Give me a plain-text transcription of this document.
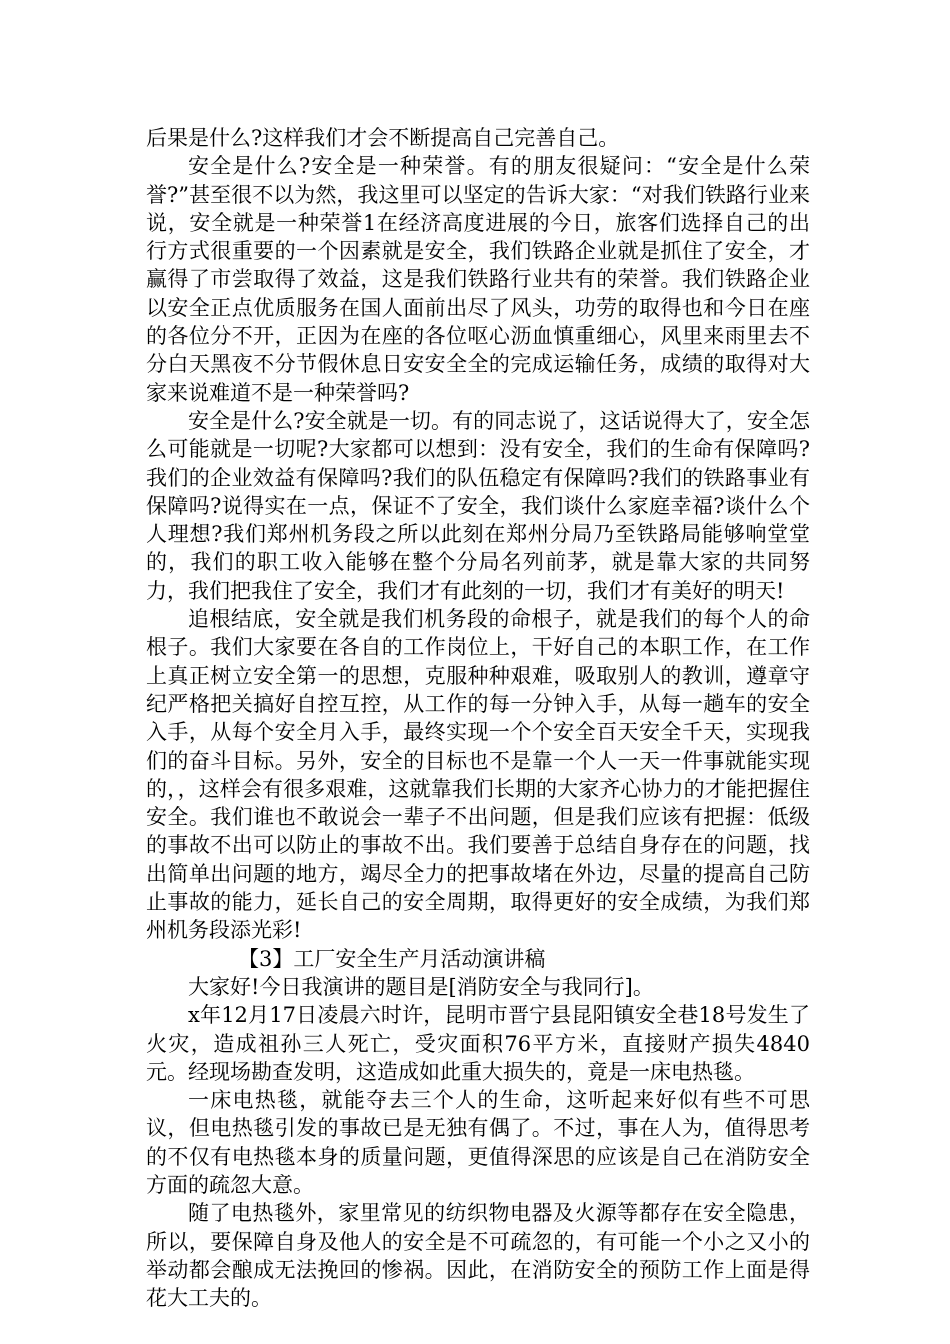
后果是什么?这样我们才会不断提高自己完善自己。

安全是什么?安全是一种荣誉。有的朋友很疑问：“安全是什么荣誉?”甚至很不以为然，我这里可以坚定的告诉大家：“对我们铁路行业来说，安全就是一种荣誉1在经济高度进展的今日，旅客们选择自己的出行方式很重要的一个因素就是安全，我们铁路企业就是抓住了安全，才赢得了市尝取得了效益，这是我们铁路行业共有的荣誉。我们铁路企业以安全正点优质服务在国人面前出尽了风头，功劳的取得也和今日在座的各位分不开，正因为在座的各位呕心沥血慎重细心，风里来雨里去不分白天黑夜不分节假休息日安安全全的完成运输任务，成绩的取得对大家来说难道不是一种荣誉吗?

安全是什么?安全就是一切。有的同志说了，这话说得大了，安全怎么可能就是一切呢?大家都可以想到：没有安全，我们的生命有保障吗?我们的企业效益有保障吗?我们的队伍稳定有保障吗?我们的铁路事业有保障吗?说得实在一点，保证不了安全，我们谈什么家庭幸福?谈什么个人理想?我们郑州机务段之所以此刻在郑州分局乃至铁路局能够响堂堂的，我们的职工收入能够在整个分局名列前茅，就是靠大家的共同努力，我们把我住了安全，我们才有此刻的一切，我们才有美好的明天!

追根结底，安全就是我们机务段的命根子，就是我们的每个人的命根子。我们大家要在各自的工作岗位上，干好自己的本职工作，在工作上真正树立安全第一的思想，克服种种艰难，吸取别人的教训，遵章守纪严格把关搞好自控互控，从工作的每一分钟入手，从每一趟车的安全入手，从每个安全月入手，最终实现一个个安全百天安全千天，实现我们的奋斗目标。另外，安全的目标也不是靠一个人一天一件事就能实现的，，这样会有很多艰难，这就靠我们长期的大家齐心协力的才能把握住安全。我们谁也不敢说会一辈子不出问题，但是我们应该有把握：低级的事故不出可以防止的事故不出。我们要善于总结自身存在的问题，找出简单出问题的地方，竭尽全力的把事故堵在外边，尽量的提高自己防止事故的能力，延长自己的安全周期，取得更好的安全成绩，为我们郑州机务段添光彩!

【3】工厂安全生产月活动演讲稿

大家好!今日我演讲的题目是[消防安全与我同行]。

x年12月17日凌晨六时许，昆明市晋宁县昆阳镇安全巷18号发生了火灾，造成祖孙三人死亡，受灾面积76平方米，直接财产损失4840元。经现场勘查发明，这造成如此重大损失的，竟是一床电热毯。

一床电热毯，就能夺去三个人的生命，这听起来好似有些不可思议，但电热毯引发的事故已是无独有偶了。不过，事在人为，值得思考的不仅有电热毯本身的质量问题，更值得深思的应该是自己在消防安全方面的疏忽大意。

随了电热毯外，家里常见的纺织物电器及火源等都存在安全隐患，所以，要保障自身及他人的安全是不可疏忽的，有可能一个小之又小的举动都会酿成无法挽回的惨祸。因此，在消防安全的预防工作上面是得花大工夫的。
